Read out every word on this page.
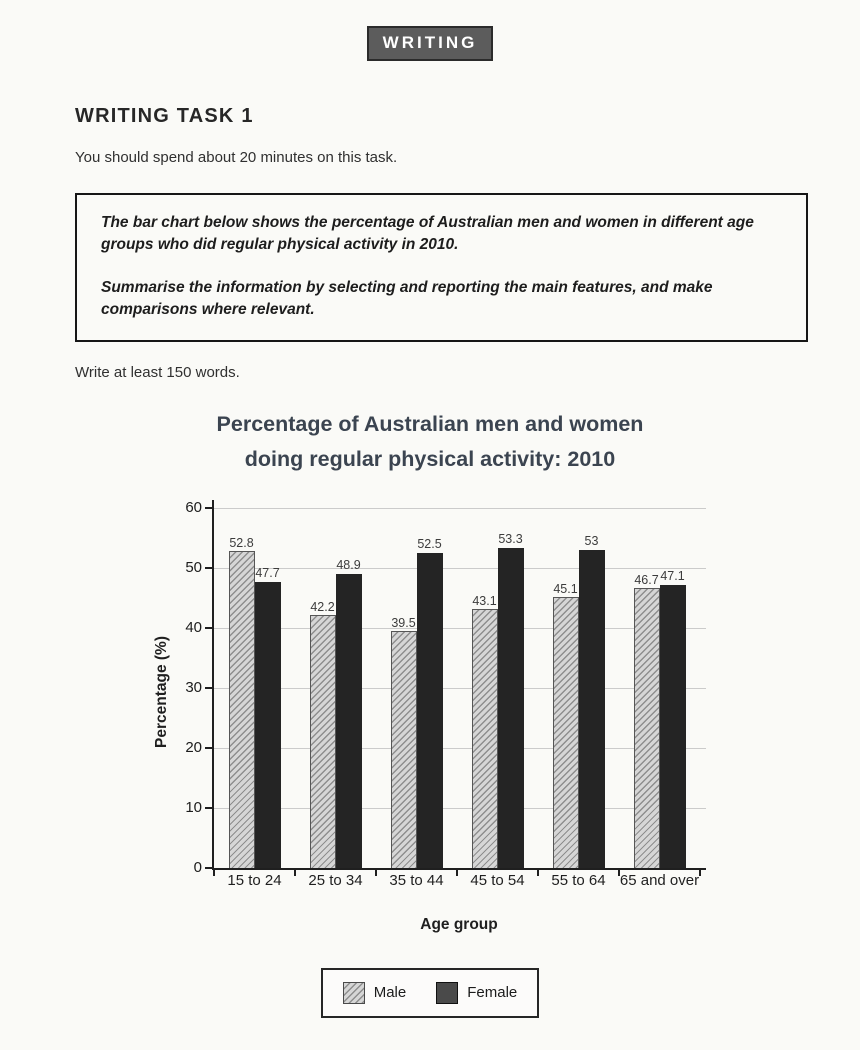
WRITING
WRITING TASK 1
You should spend about 20 minutes on this task.

The bar chart below shows the percentage of Australian men and women in different age groups who did regular physical activity in 2010.

Summarise the information by selecting and reporting the main features, and make comparisons where relevant.

Write at least 150 words.
Percentage of Australian men and women
doing regular physical activity: 2010
Percentage (%)
0
10
20
30
40
50
60
52.8
47.7
15 to 24
42.2
48.9
25 to 34
39.5
52.5
35 to 44
43.1
53.3
45 to 54
45.1
53
55 to 64
46.7 47.1
65 and over
Age group
Male	Female
